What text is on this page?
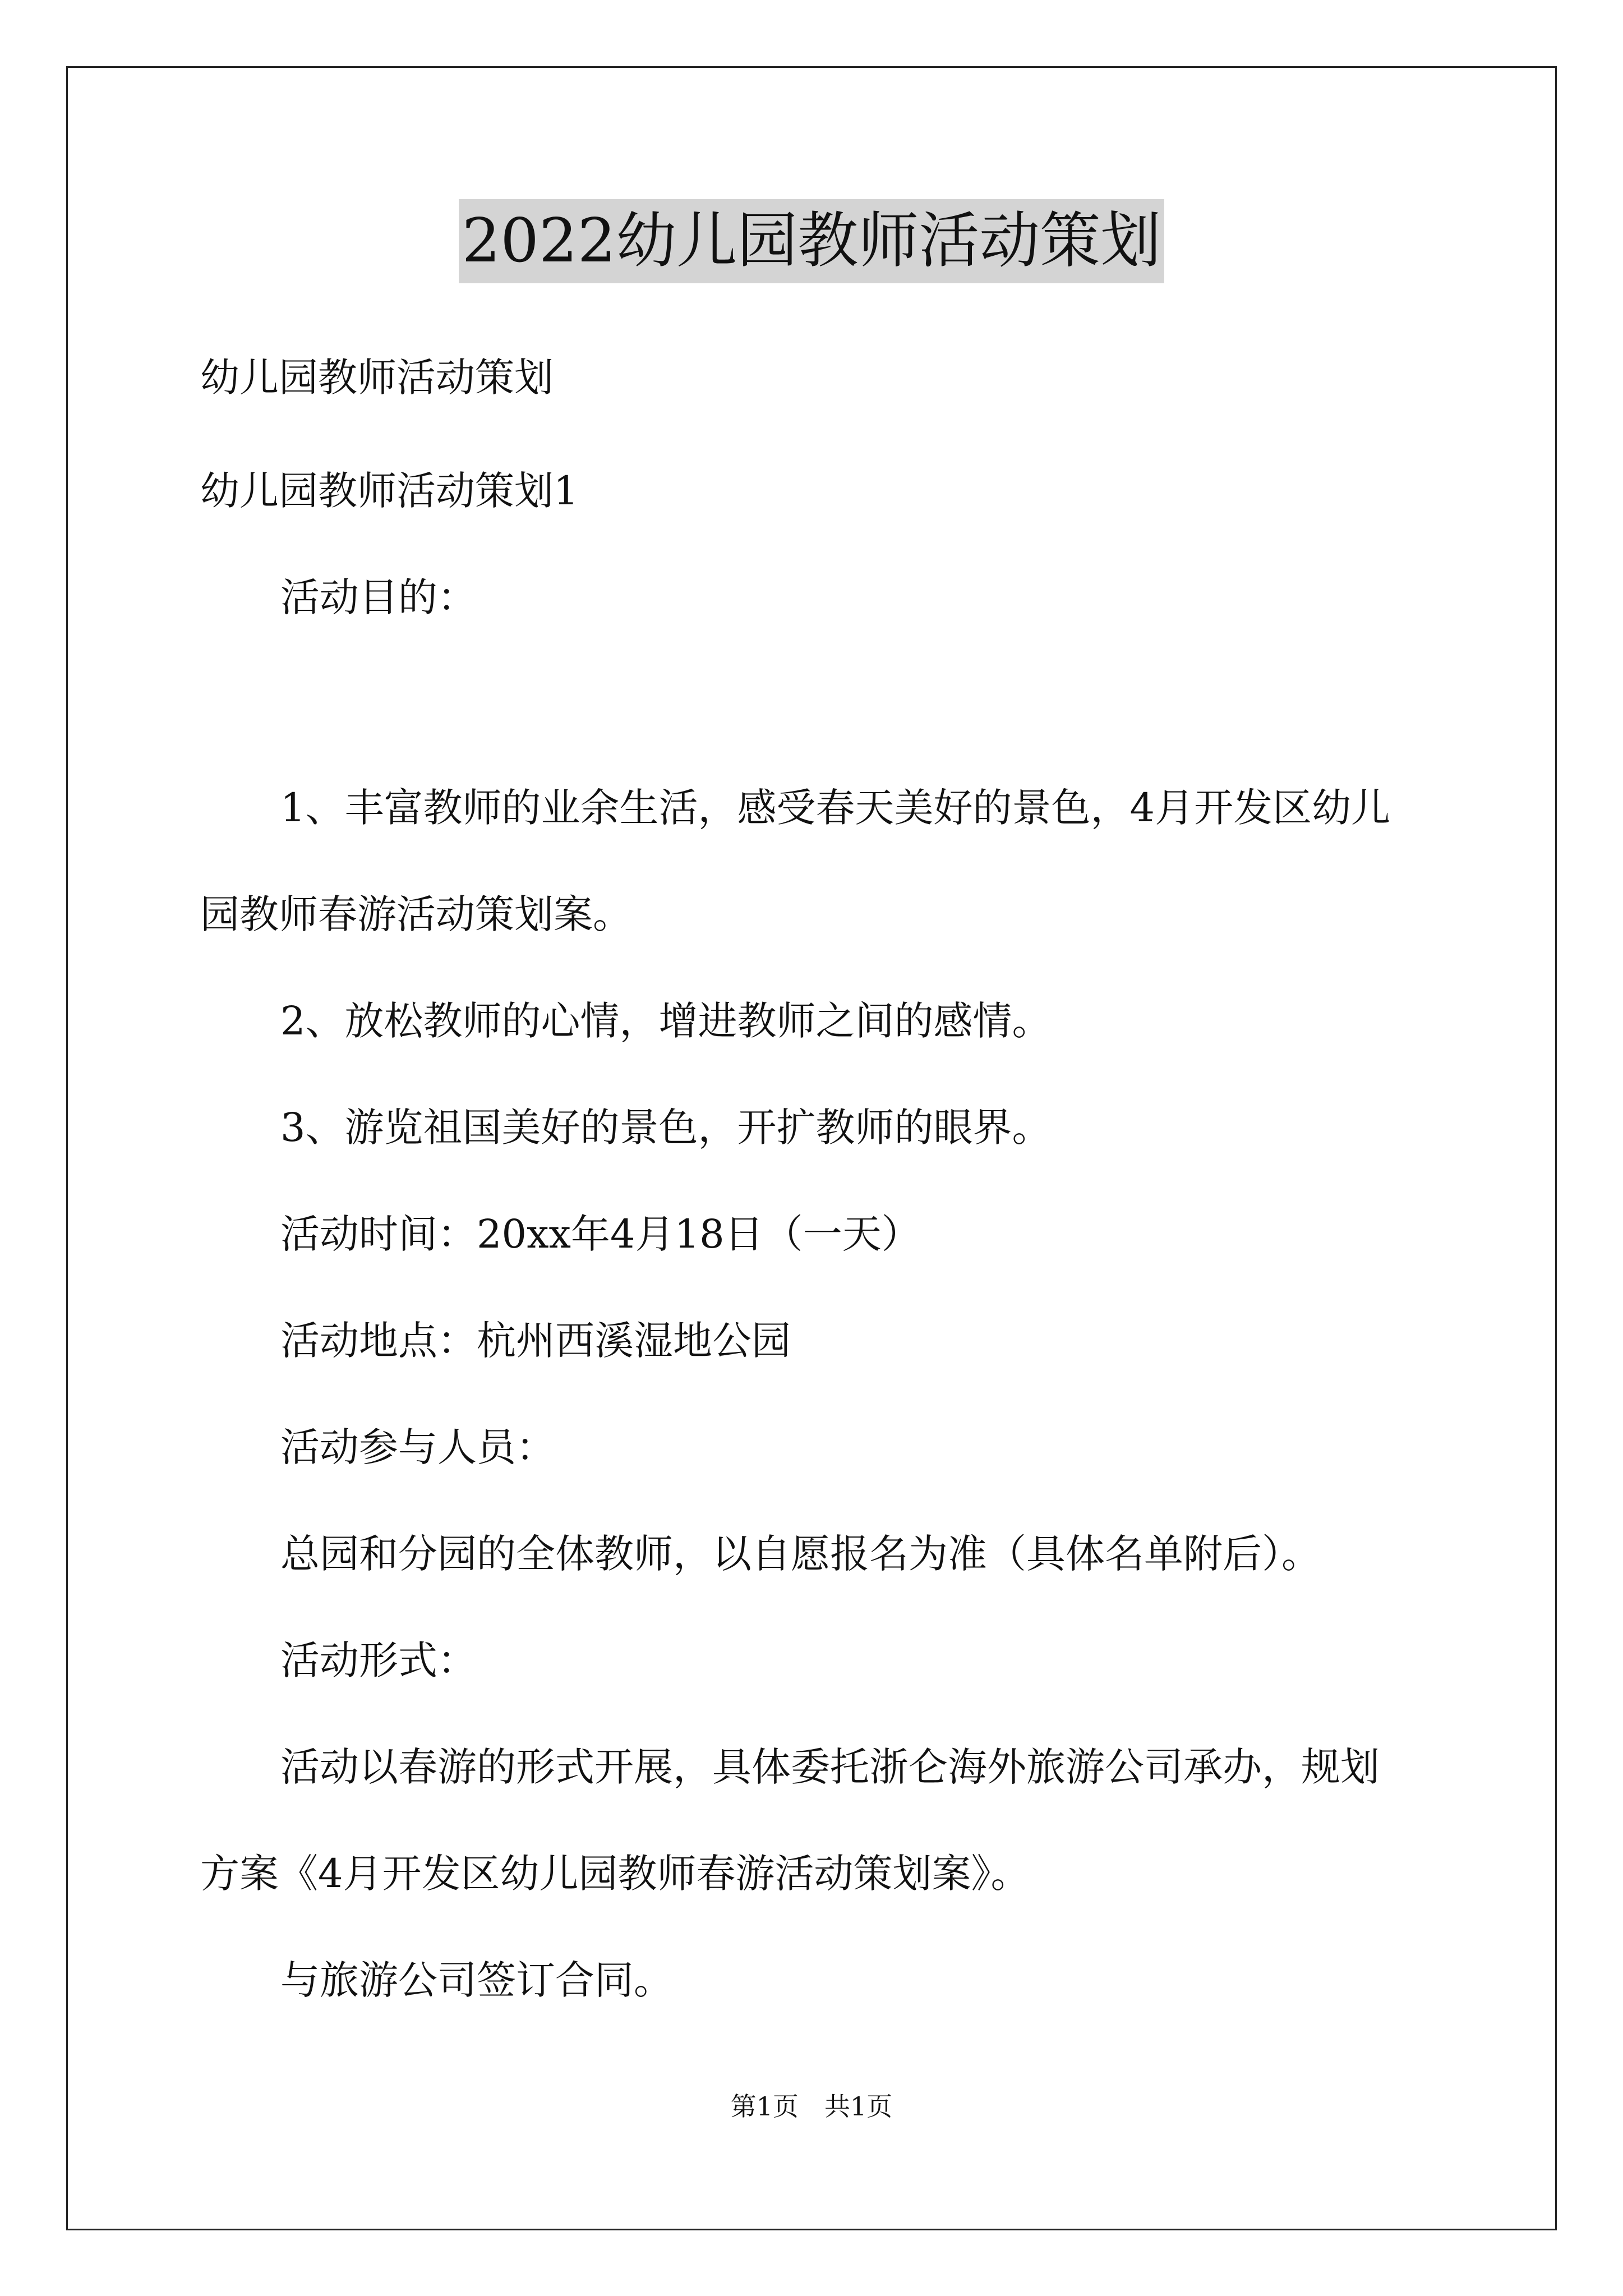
2022幼儿园教师活动策划
幼儿园教师活动策划
幼儿园教师活动策划1
活动目的：
1、丰富教师的业余生活，感受春天美好的景色，4月开发区幼儿
园教师春游活动策划案。
2、放松教师的心情，增进教师之间的感情。
3、游览祖国美好的景色，开扩教师的眼界。
活动时间：20xx年4月18日（一天）
活动地点：杭州西溪湿地公园
活动参与人员：
总园和分园的全体教师，以自愿报名为准（具体名单附后）。
活动形式：
活动以春游的形式开展，具体委托浙仑海外旅游公司承办，规划
方案《4月开发区幼儿园教师春游活动策划案》。
与旅游公司签订合同。
第1页　共1页
